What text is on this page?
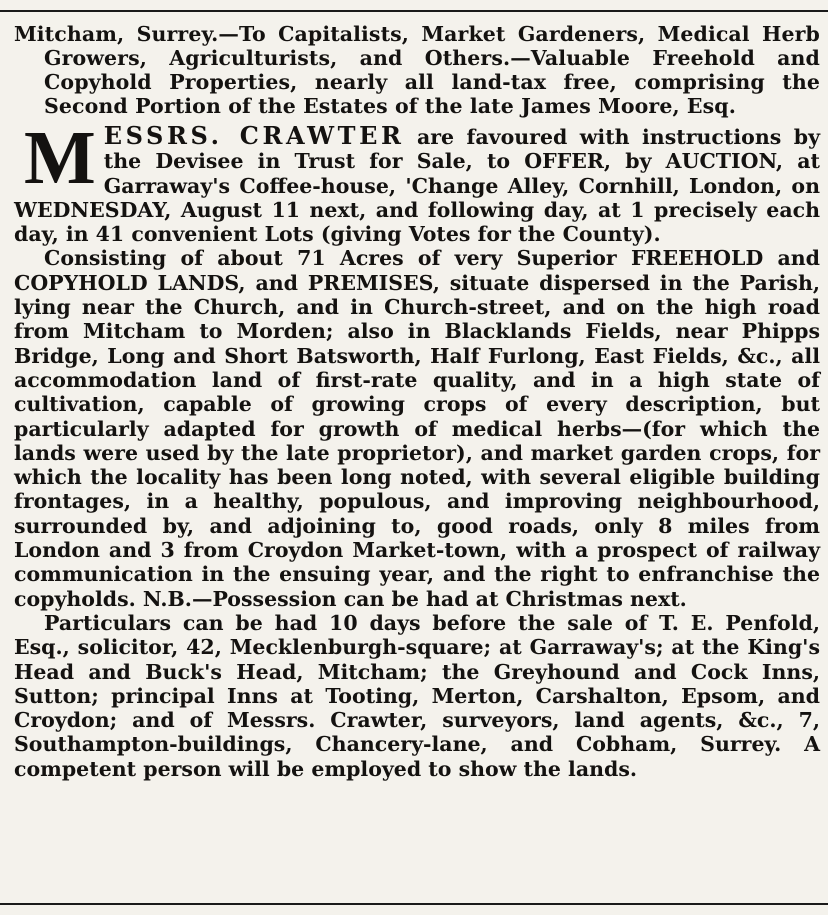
Mitcham, Surrey.—To Capitalists, Market Gardeners, Medical Herb Growers, Agriculturists, and Others.—Valuable Freehold and Copyhold Properties, nearly all land-tax free, comprising the Second Portion of the Estates of the late James Moore, Esq.

MESSRS. CRAWTER are favoured with instructions by the Devisee in Trust for Sale, to OFFER, by AUCTION, at Garraway's Coffee-house, 'Change Alley, Cornhill, London, on WEDNESDAY, August 11 next, and following day, at 1 precisely each day, in 41 convenient Lots (giving Votes for the County).

Consisting of about 71 Acres of very Superior FREEHOLD and COPYHOLD LANDS, and PREMISES, situate dispersed in the Parish, lying near the Church, and in Church-street, and on the high road from Mitcham to Morden; also in Blacklands Fields, near Phipps Bridge, Long and Short Batsworth, Half Furlong, East Fields, &c., all accommodation land of first-rate quality, and in a high state of cultivation, capable of growing crops of every description, but particularly adapted for growth of medical herbs—(for which the lands were used by the late proprietor), and market garden crops, for which the locality has been long noted, with several eligible building frontages, in a healthy, populous, and improving neighbourhood, surrounded by, and adjoining to, good roads, only 8 miles from London and 3 from Croydon Market-town, with a prospect of railway communication in the ensuing year, and the right to enfranchise the copyholds. N.B.—Possession can be had at Christmas next.

Particulars can be had 10 days before the sale of T. E. Penfold, Esq., solicitor, 42, Mecklenburgh-square; at Garraway's; at the King's Head and Buck's Head, Mitcham; the Greyhound and Cock Inns, Sutton; principal Inns at Tooting, Merton, Carshalton, Epsom, and Croydon; and of Messrs. Crawter, surveyors, land agents, &c., 7, Southampton-buildings, Chancery-lane, and Cobham, Surrey. A competent person will be employed to show the lands.
